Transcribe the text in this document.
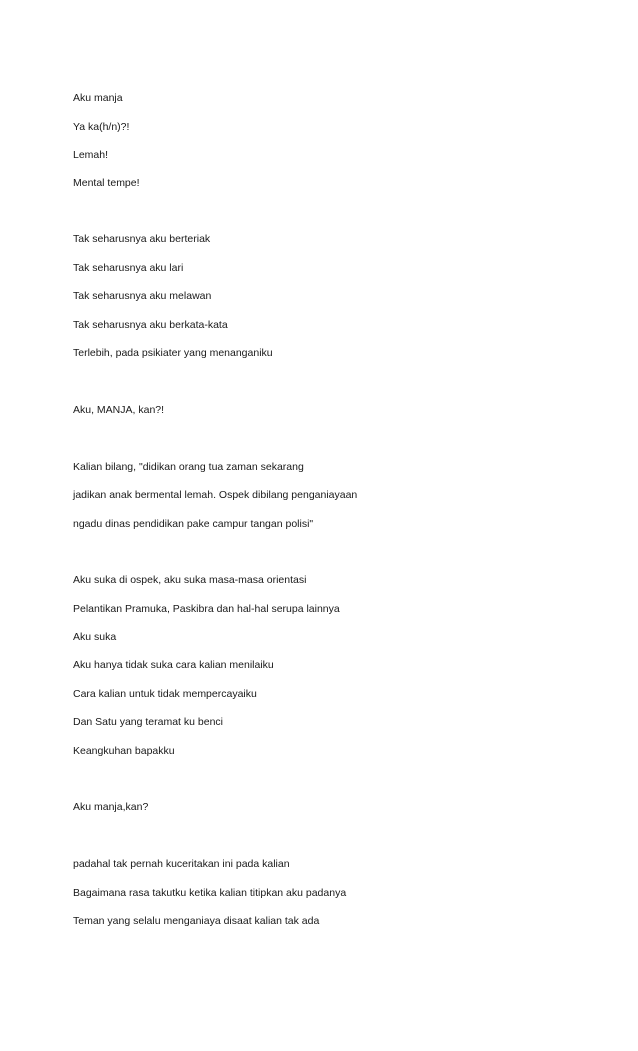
Aku manja

Ya ka(h/n)?!

Lemah!

Mental tempe!

Tak seharusnya aku berteriak

Tak seharusnya aku lari

Tak seharusnya aku melawan

Tak seharusnya aku berkata-kata

Terlebih, pada psikiater yang menanganiku

Aku, MANJA, kan?!

Kalian bilang, "didikan orang tua zaman sekarang

jadikan anak bermental lemah. Ospek dibilang penganiayaan

ngadu dinas pendidikan pake campur tangan polisi"

Aku suka di ospek, aku suka masa-masa orientasi

Pelantikan Pramuka, Paskibra dan hal-hal serupa lainnya

Aku suka

Aku hanya tidak suka cara kalian menilaiku

Cara kalian untuk tidak mempercayaiku

Dan Satu yang teramat ku benci

Keangkuhan bapakku

Aku manja,kan?

padahal tak pernah kuceritakan ini pada kalian

Bagaimana rasa takutku ketika kalian titipkan aku padanya

Teman yang selalu menganiaya disaat kalian tak ada
